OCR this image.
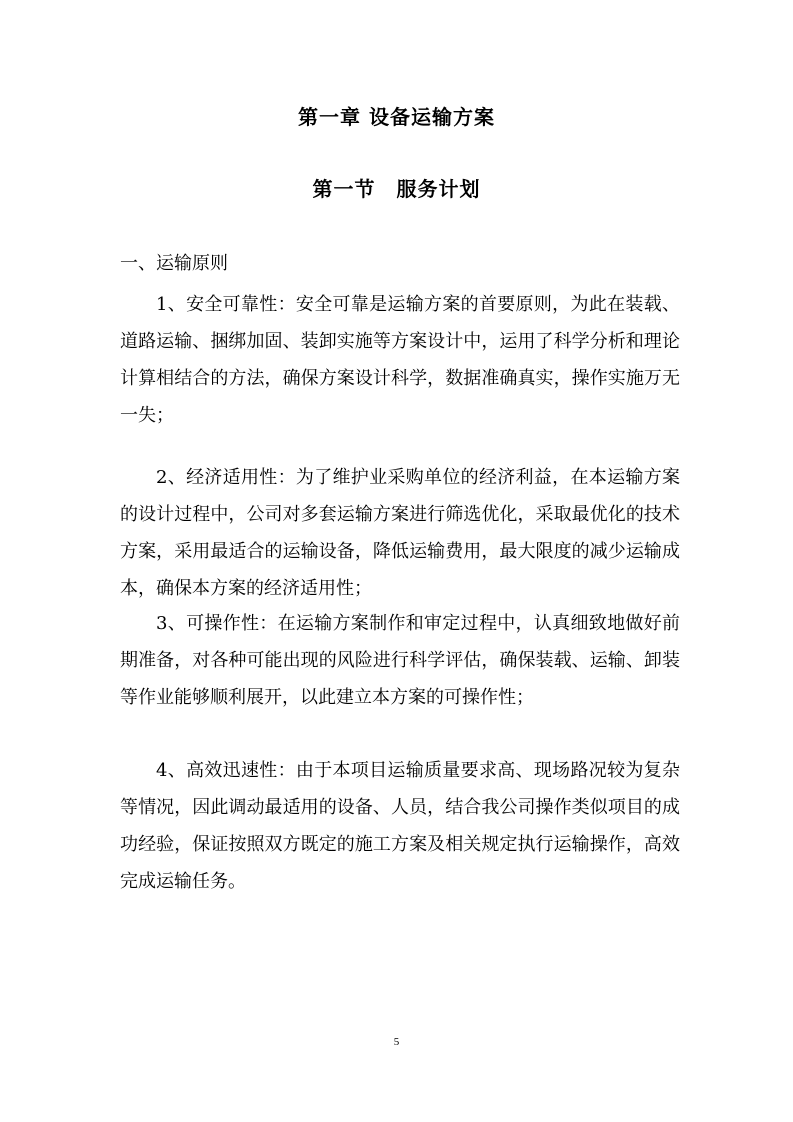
第一章 设备运输方案
第一节　服务计划
一、运输原则

1、安全可靠性：安全可靠是运输方案的首要原则，为此在装载、道路运输、捆绑加固、装卸实施等方案设计中，运用了科学分析和理论计算相结合的方法，确保方案设计科学，数据准确真实，操作实施万无一失；

2、经济适用性：为了维护业采购单位的经济利益，在本运输方案的设计过程中，公司对多套运输方案进行筛选优化，采取最优化的技术方案，采用最适合的运输设备，降低运输费用，最大限度的减少运输成本，确保本方案的经济适用性；

3、可操作性：在运输方案制作和审定过程中，认真细致地做好前期准备，对各种可能出现的风险进行科学评估，确保装载、运输、卸装等作业能够顺利展开，以此建立本方案的可操作性；

4、高效迅速性：由于本项目运输质量要求高、现场路况较为复杂等情况，因此调动最适用的设备、人员，结合我公司操作类似项目的成功经验，保证按照双方既定的施工方案及相关规定执行运输操作，高效完成运输任务。

5
